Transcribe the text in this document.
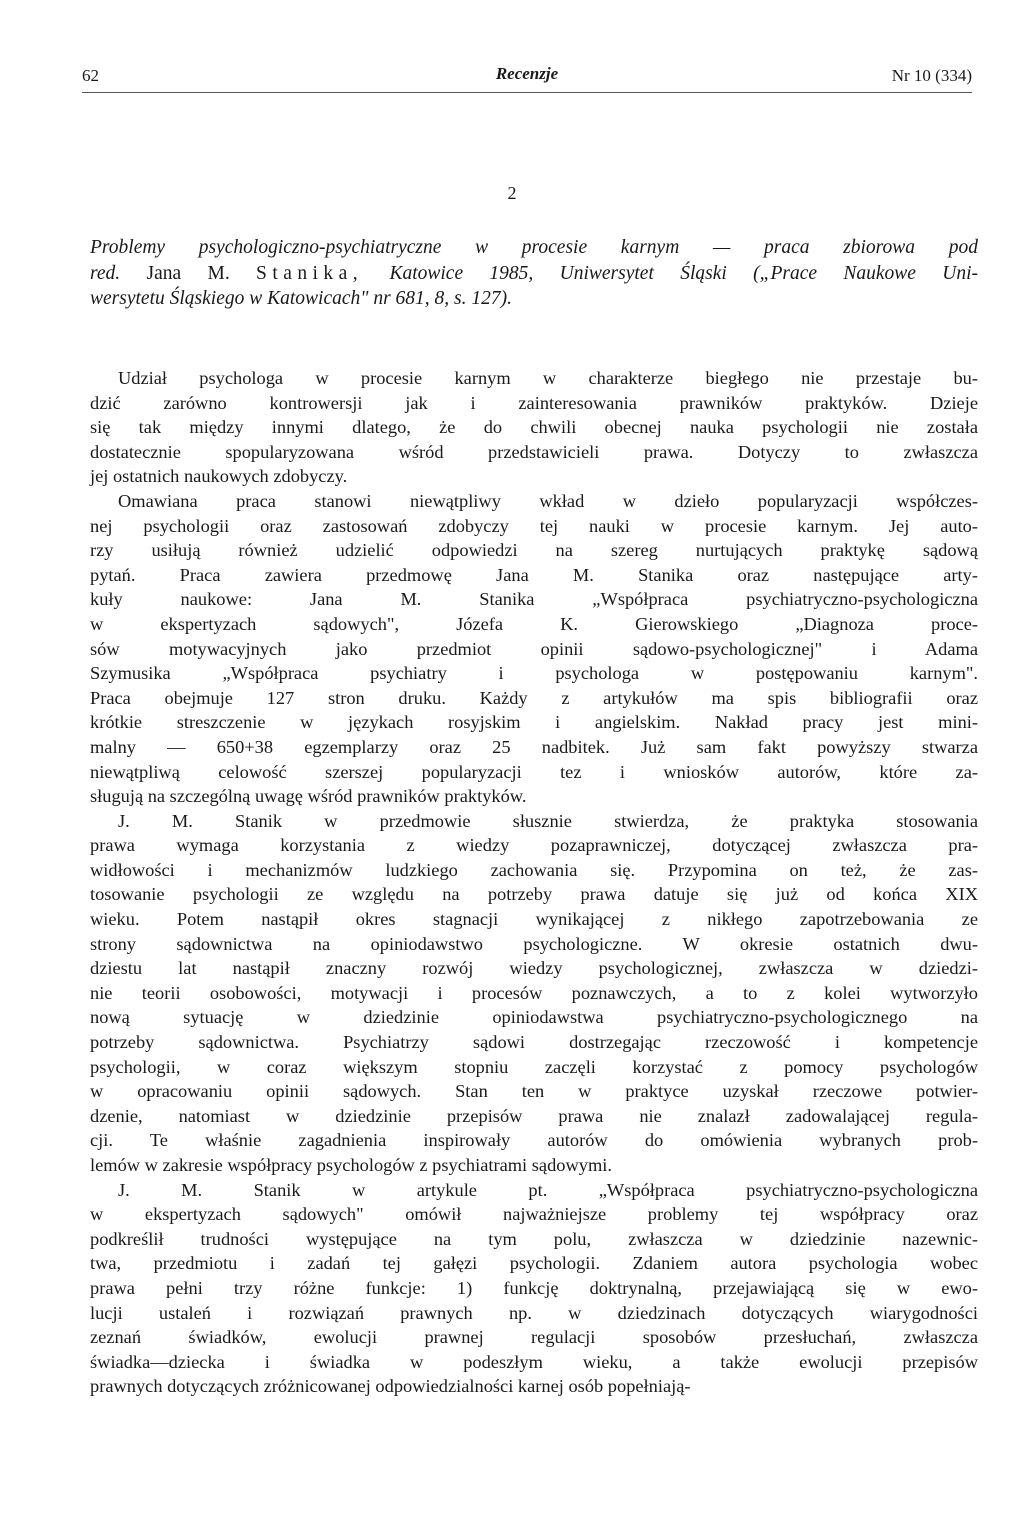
62	Recenzje	Nr 10 (334)
2
Problemy psychologiczno-psychiatryczne w procesie karnym — praca zbiorowa pod
red. Jana M. Stanika, Katowice 1985, Uniwersytet Śląski („Prace Naukowe Uni-
wersytetu Śląskiego w Katowicach" nr 681, 8, s. 127).
Udział psychologa w procesie karnym w charakterze biegłego nie przestaje bu-
dzić zarówno kontrowersji jak i zainteresowania prawników praktyków. Dzieje
się tak między innymi dlatego, że do chwili obecnej nauka psychologii nie została
dostatecznie spopularyzowana wśród przedstawicieli prawa. Dotyczy to zwłaszcza
jej ostatnich naukowych zdobyczy.
Omawiana praca stanowi niewątpliwy wkład w dzieło popularyzacji współczes-
nej psychologii oraz zastosowań zdobyczy tej nauki w procesie karnym. Jej auto-
rzy usiłują również udzielić odpowiedzi na szereg nurtujących praktykę sądową
pytań. Praca zawiera przedmowę Jana M. Stanika oraz następujące arty-
kuły naukowe: Jana M. Stanika „Współpraca psychiatryczno-psychologiczna
w ekspertyzach sądowych", Józefa K. Gierowskiego „Diagnoza proce-
sów motywacyjnych jako przedmiot opinii sądowo-psychologicznej" i Adama
Szymusika „Współpraca psychiatry i psychologa w postępowaniu karnym".
Praca obejmuje 127 stron druku. Każdy z artykułów ma spis bibliografii oraz
krótkie streszczenie w językach rosyjskim i angielskim. Nakład pracy jest mini-
malny — 650+38 egzemplarzy oraz 25 nadbitek. Już sam fakt powyższy stwarza
niewątpliwą celowość szerszej popularyzacji tez i wniosków autorów, które za-
sługują na szczególną uwagę wśród prawników praktyków.
J. M. Stanik w przedmowie słusznie stwierdza, że praktyka stosowania
prawa wymaga korzystania z wiedzy pozaprawniczej, dotyczącej zwłaszcza pra-
widłowości i mechanizmów ludzkiego zachowania się. Przypomina on też, że zas-
tosowanie psychologii ze względu na potrzeby prawa datuje się już od końca XIX
wieku. Potem nastąpił okres stagnacji wynikającej z nikłego zapotrzebowania ze
strony sądownictwa na opiniodawstwo psychologiczne. W okresie ostatnich dwu-
dziestu lat nastąpił znaczny rozwój wiedzy psychologicznej, zwłaszcza w dziedzi-
nie teorii osobowości, motywacji i procesów poznawczych, a to z kolei wytworzyło
nową sytuację w dziedzinie opiniodawstwa psychiatryczno-psychologicznego na
potrzeby sądownictwa. Psychiatrzy sądowi dostrzegając rzeczowość i kompetencje
psychologii, w coraz większym stopniu zaczęli korzystać z pomocy psychologów
w opracowaniu opinii sądowych. Stan ten w praktyce uzyskał rzeczowe potwier-
dzenie, natomiast w dziedzinie przepisów prawa nie znalazł zadowalającej regula-
cji. Te właśnie zagadnienia inspirowały autorów do omówienia wybranych prob-
lemów w zakresie współpracy psychologów z psychiatrami sądowymi.
J. M. Stanik w artykule pt. „Współpraca psychiatryczno-psychologiczna
w ekspertyzach sądowych" omówił najważniejsze problemy tej współpracy oraz
podkreślił trudności występujące na tym polu, zwłaszcza w dziedzinie nazewnic-
twa, przedmiotu i zadań tej gałęzi psychologii. Zdaniem autora psychologia wobec
prawa pełni trzy różne funkcje: 1) funkcję doktrynalną, przejawiającą się w ewo-
lucji ustaleń i rozwiązań prawnych np. w dziedzinach dotyczących wiarygodności
zeznań świadków, ewolucji prawnej regulacji sposobów przesłuchań, zwłaszcza
świadka—dziecka i świadka w podeszłym wieku, a także ewolucji przepisów
prawnych dotyczących zróżnicowanej odpowiedzialności karnej osób popełniają-
